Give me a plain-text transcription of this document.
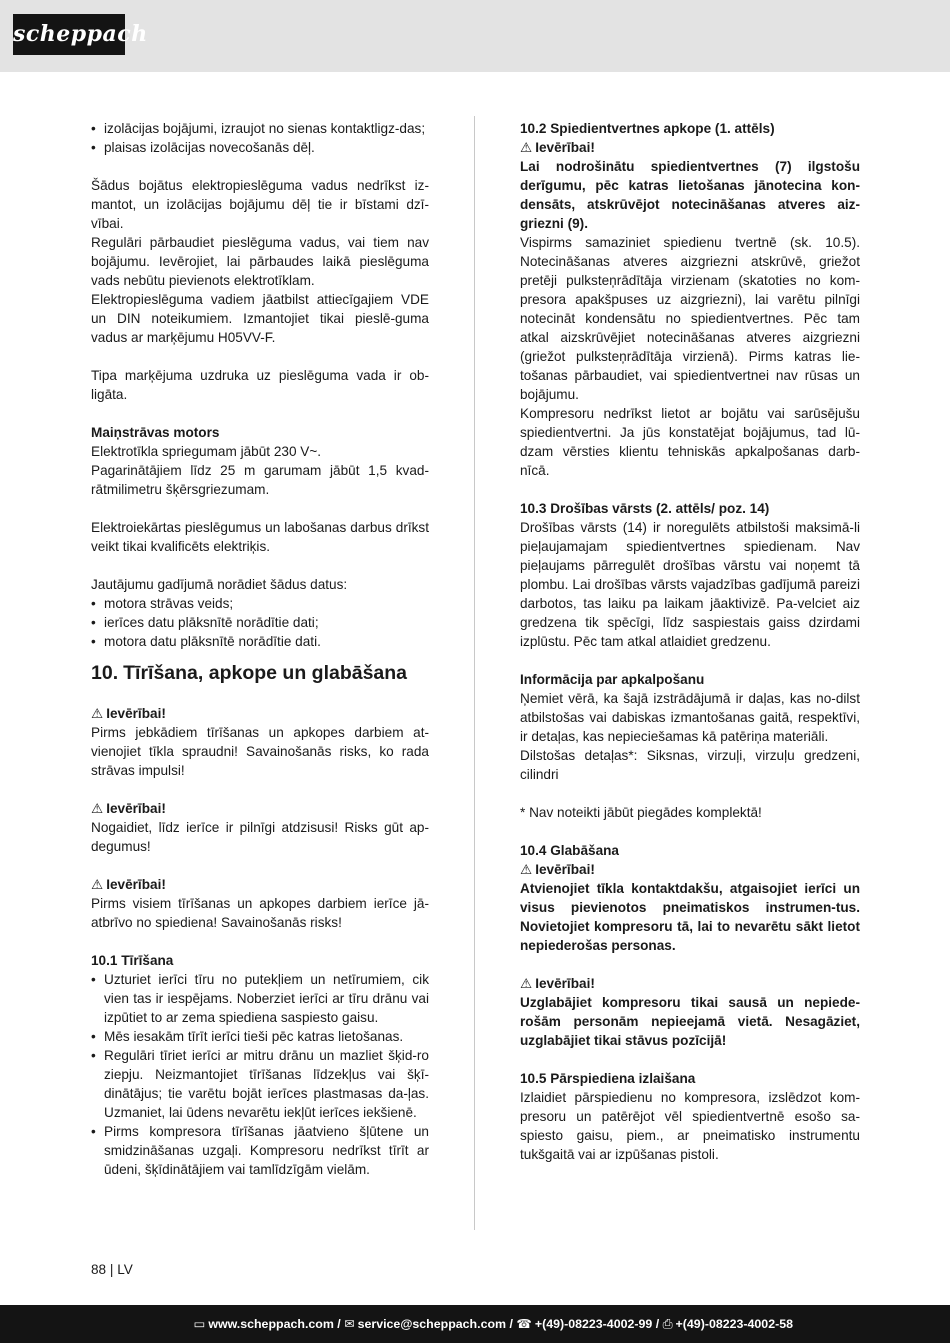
scheppach
• izolācijas bojājumi, izraujot no sienas kontaktligz-das;
• plaisas izolācijas novecošanās dēļ.

Šādus bojātus elektropieslēguma vadus nedrīkst iz-mantot, un izolācijas bojājumu dēļ tie ir bīstami dzī-vībai.

Regulāri pārbaudiet pieslēguma vadus, vai tiem nav bojājumu. Ievērojiet, lai pārbaudes laikā pieslēguma vads nebūtu pievienots elektrotīklam.

Elektropieslēguma vadiem jāatbilst attiecīgajiem VDE un DIN noteikumiem. Izmantojiet tikai pieslē-guma vadus ar marķējumu H05VV-F.

Tipa marķējuma uzdruka uz pieslēguma vada ir ob-ligāta.

Maiņstrāvas motors

Elektrotīkla spriegumam jābūt 230 V~.

Pagarinātājiem līdz 25 m garumam jābūt 1,5 kvad-rātmilimetru šķērsgriezumam.

Elektroiekārtas pieslēgumus un labošanas darbus drīkst veikt tikai kvalificēts elektriķis.

Jautājumu gadījumā norādiet šādus datus:

• motora strāvas veids;
• ierīces datu plāksnītē norādītie dati;
• motora datu plāksnītē norādītie dati.
10. Tīrīšana, apkope un glabāšana

⚠ Ievērībai!

Pirms jebkādiem tīrīšanas un apkopes darbiem at-vienojiet tīkla spraudni! Savainošanās risks, ko rada strāvas impulsi!

⚠ Ievērībai!

Nogaidiet, līdz ierīce ir pilnīgi atdzisusi! Risks gūt ap-degumus!

⚠ Ievērībai!

Pirms visiem tīrīšanas un apkopes darbiem ierīce jā-atbrīvo no spiediena! Savainošanās risks!

10.1 Tīrīšana

• Uzturiet ierīci tīru no putekļiem un netīrumiem, cik vien tas ir iespējams. Noberziet ierīci ar tīru drānu vai izpūtiet to ar zema spiediena saspiesto gaisu.
• Mēs iesakām tīrīt ierīci tieši pēc katras lietošanas.
• Regulāri tīriet ierīci ar mitru drānu un mazliet šķid-ro ziepju. Neizmantojiet tīrīšanas līdzekļus vai šķī-dinātājus; tie varētu bojāt ierīces plastmasas da-ļas. Uzmaniet, lai ūdens nevarētu iekļūt ierīces iekšienē.
• Pirms kompresora tīrīšanas jāatvieno šļūtene un smidzināšanas uzgaļi. Kompresoru nedrīkst tīrīt ar ūdeni, šķīdinātājiem vai tamlīdzīgām vielām.

10.2 Spiedientvertnes apkope (1. attēls)

⚠ Ievērībai!

Lai nodrošinātu spiedientvertnes (7) ilgstošu derīgumu, pēc katras lietošanas jānotecina kon-densāts, atskrūvējot notecināšanas atveres aiz-griezni (9).

Vispirms samaziniet spiedienu tvertnē (sk. 10.5). Notecināšanas atveres aizgriezni atskrūvē, griežot pretēji pulksteņrādītāja virzienam (skatoties no kom-presora apakšpuses uz aizgriezni), lai varētu pilnīgi notecināt kondensātu no spiedientvertnes. Pēc tam atkal aizskrūvējiet notecināšanas atveres aizgriezni (griežot pulksteņrādītāja virzienā). Pirms katras lie-tošanas pārbaudiet, vai spiedientvertnei nav rūsas un bojājumu.

Kompresoru nedrīkst lietot ar bojātu vai sarūsējušu spiedientvertni. Ja jūs konstatējat bojājumus, tad lū-dzam vērsties klientu tehniskās apkalpošanas darb-nīcā.

10.3 Drošības vārsts (2. attēls/ poz. 14)

Drošības vārsts (14) ir noregulēts atbilstoši maksimā-li pieļaujamajam spiedientvertnes spiedienam. Nav pieļaujams pārregulēt drošības vārstu vai noņemt tā plombu. Lai drošības vārsts vajadzības gadījumā pareizi darbotos, tas laiku pa laikam jāaktivizē. Pa-velciet aiz gredzena tik spēcīgi, līdz saspiestais gaiss dzirdami izplūstu. Pēc tam atkal atlaidiet gredzenu.

Informācija par apkalpošanu

Ņemiet vērā, ka šajā izstrādājumā ir daļas, kas no-dilst atbilstošas vai dabiskas izmantošanas gaitā, respektīvi, ir detaļas, kas nepieciešamas kā patēriņa materiāli.

Dilstošas detaļas*: Siksnas, virzuļi, virzuļu gredzeni, cilindri

* Nav noteikti jābūt piegādes komplektā!

10.4 Glabāšana

⚠ Ievērībai!

Atvienojiet tīkla kontaktdakšu, atgaisojiet ierīci un visus pievienotos pneimatiskos instrumen-tus. Novietojiet kompresoru tā, lai to nevarētu sākt lietot nepiederošas personas.

⚠ Ievērībai!

Uzglabājiet kompresoru tikai sausā un nepiede-rošām personām nepieejamā vietā. Nesagāziet, uzglabājiet tikai stāvus pozīcijā!

10.5 Pārspiediena izlaišana

Izlaidiet pārspiedienu no kompresora, izslēdzot kom-presoru un patērējot vēl spiedientvertnē esošo sa-spiesto gaisu, piem., ar pneimatisko instrumentu tukšgaitā vai ar izpūšanas pistoli.

88 | LV
▭ www.scheppach.com / ✉ service@scheppach.com / ☎ +(49)-08223-4002-99 / ⎙ +(49)-08223-4002-58
